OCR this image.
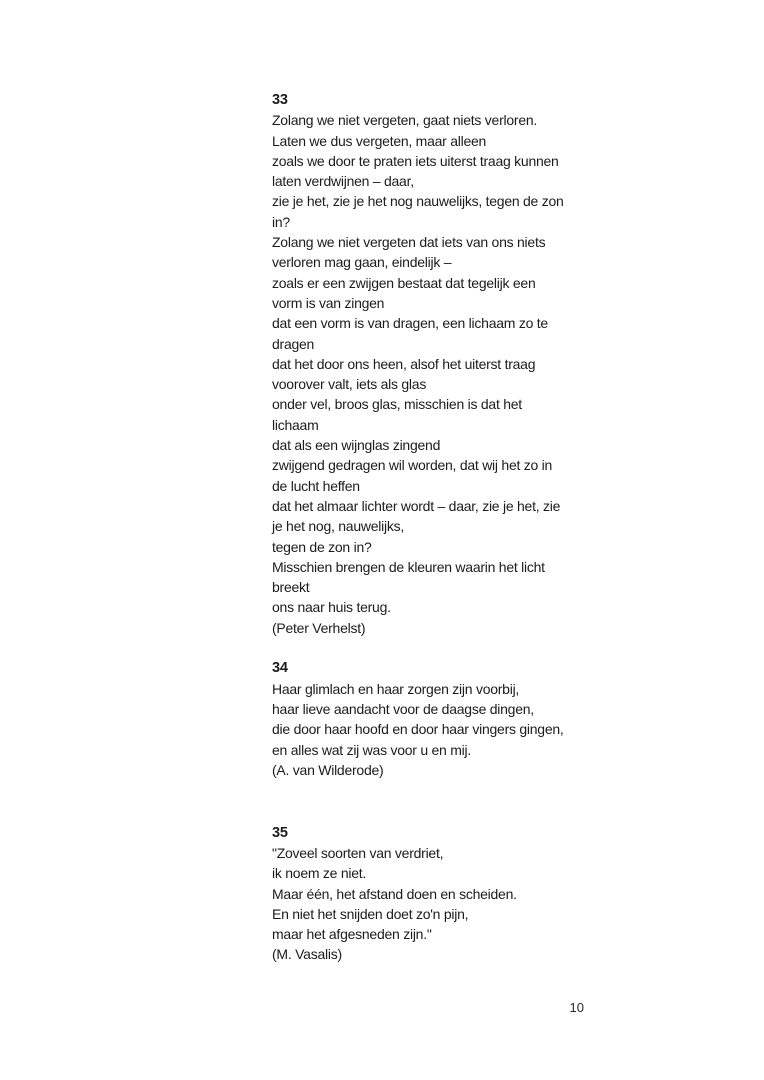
33

Zolang we niet vergeten, gaat niets verloren.

Laten we dus vergeten, maar alleen

zoals we door te praten iets uiterst traag kunnen

laten verdwijnen – daar,

zie je het, zie je het nog nauwelijks, tegen de zon

in?

Zolang we niet vergeten dat iets van ons niets

verloren mag gaan, eindelijk –

zoals er een zwijgen bestaat dat tegelijk een

vorm is van zingen

dat een vorm is van dragen, een lichaam zo te

dragen

dat het door ons heen, alsof het uiterst traag

voorover valt, iets als glas

onder vel, broos glas, misschien is dat het

lichaam

dat als een wijnglas zingend

zwijgend gedragen wil worden, dat wij het zo in

de lucht heffen

dat het almaar lichter wordt – daar, zie je het, zie

je het nog, nauwelijks,

tegen de zon in?

Misschien brengen de kleuren waarin het licht

breekt

ons naar huis terug.

(Peter Verhelst)

34

Haar glimlach en haar zorgen zijn voorbij,

haar lieve aandacht voor de daagse dingen,

die door haar hoofd en door haar vingers gingen,

en alles wat zij was voor u en mij.

(A. van Wilderode)

35

"Zoveel soorten van verdriet,

ik noem ze niet.

Maar één, het afstand doen en scheiden.

En niet het snijden doet zo'n pijn,

maar het afgesneden zijn."

(M. Vasalis)

10
